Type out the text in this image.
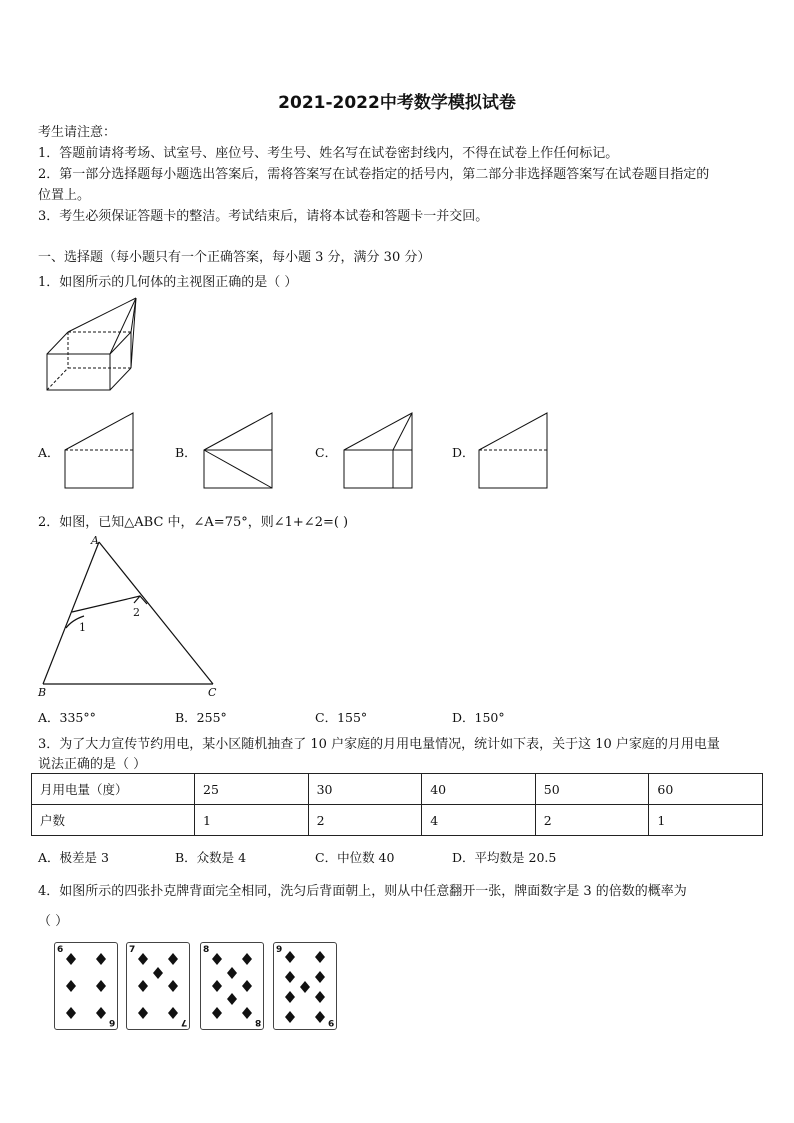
2021-2022中考数学模拟试卷
考生请注意：
1．答题前请将考场、试室号、座位号、考生号、姓名写在试卷密封线内，不得在试卷上作任何标记。
2．第一部分选择题每小题选出答案后，需将答案写在试卷指定的括号内，第二部分非选择题答案写在试卷题目指定的
位置上。
3．考生必须保证答题卡的整洁。考试结束后，请将本试卷和答题卡一并交回。
一、选择题（每小题只有一个正确答案，每小题 3 分，满分 30 分）
1．如图所示的几何体的主视图正确的是（ ）
A．	B．	C．	D．
2．如图，已知△ABC 中，∠A=75°，则∠1+∠2=( )
A
B	C
1
2
A．335°°	B．255°	C．155°	D．150°
3．为了大力宣传节约用电，某小区随机抽查了 10 户家庭的月用电量情况，统计如下表，关于这 10 户家庭的月用电量
说法正确的是（ ）
月用电量（度）	25	30	40	50	60
户数	1	2	4	2	1
A．极差是 3	B．众数是 4	C．中位数 40	D．平均数是 20.5
4．如图所示的四张扑克牌背面完全相同，洗匀后背面朝上，则从中任意翻开一张，牌面数字是 3 的倍数的概率为
（ ）
6
6
7
7
8
8
9
9
